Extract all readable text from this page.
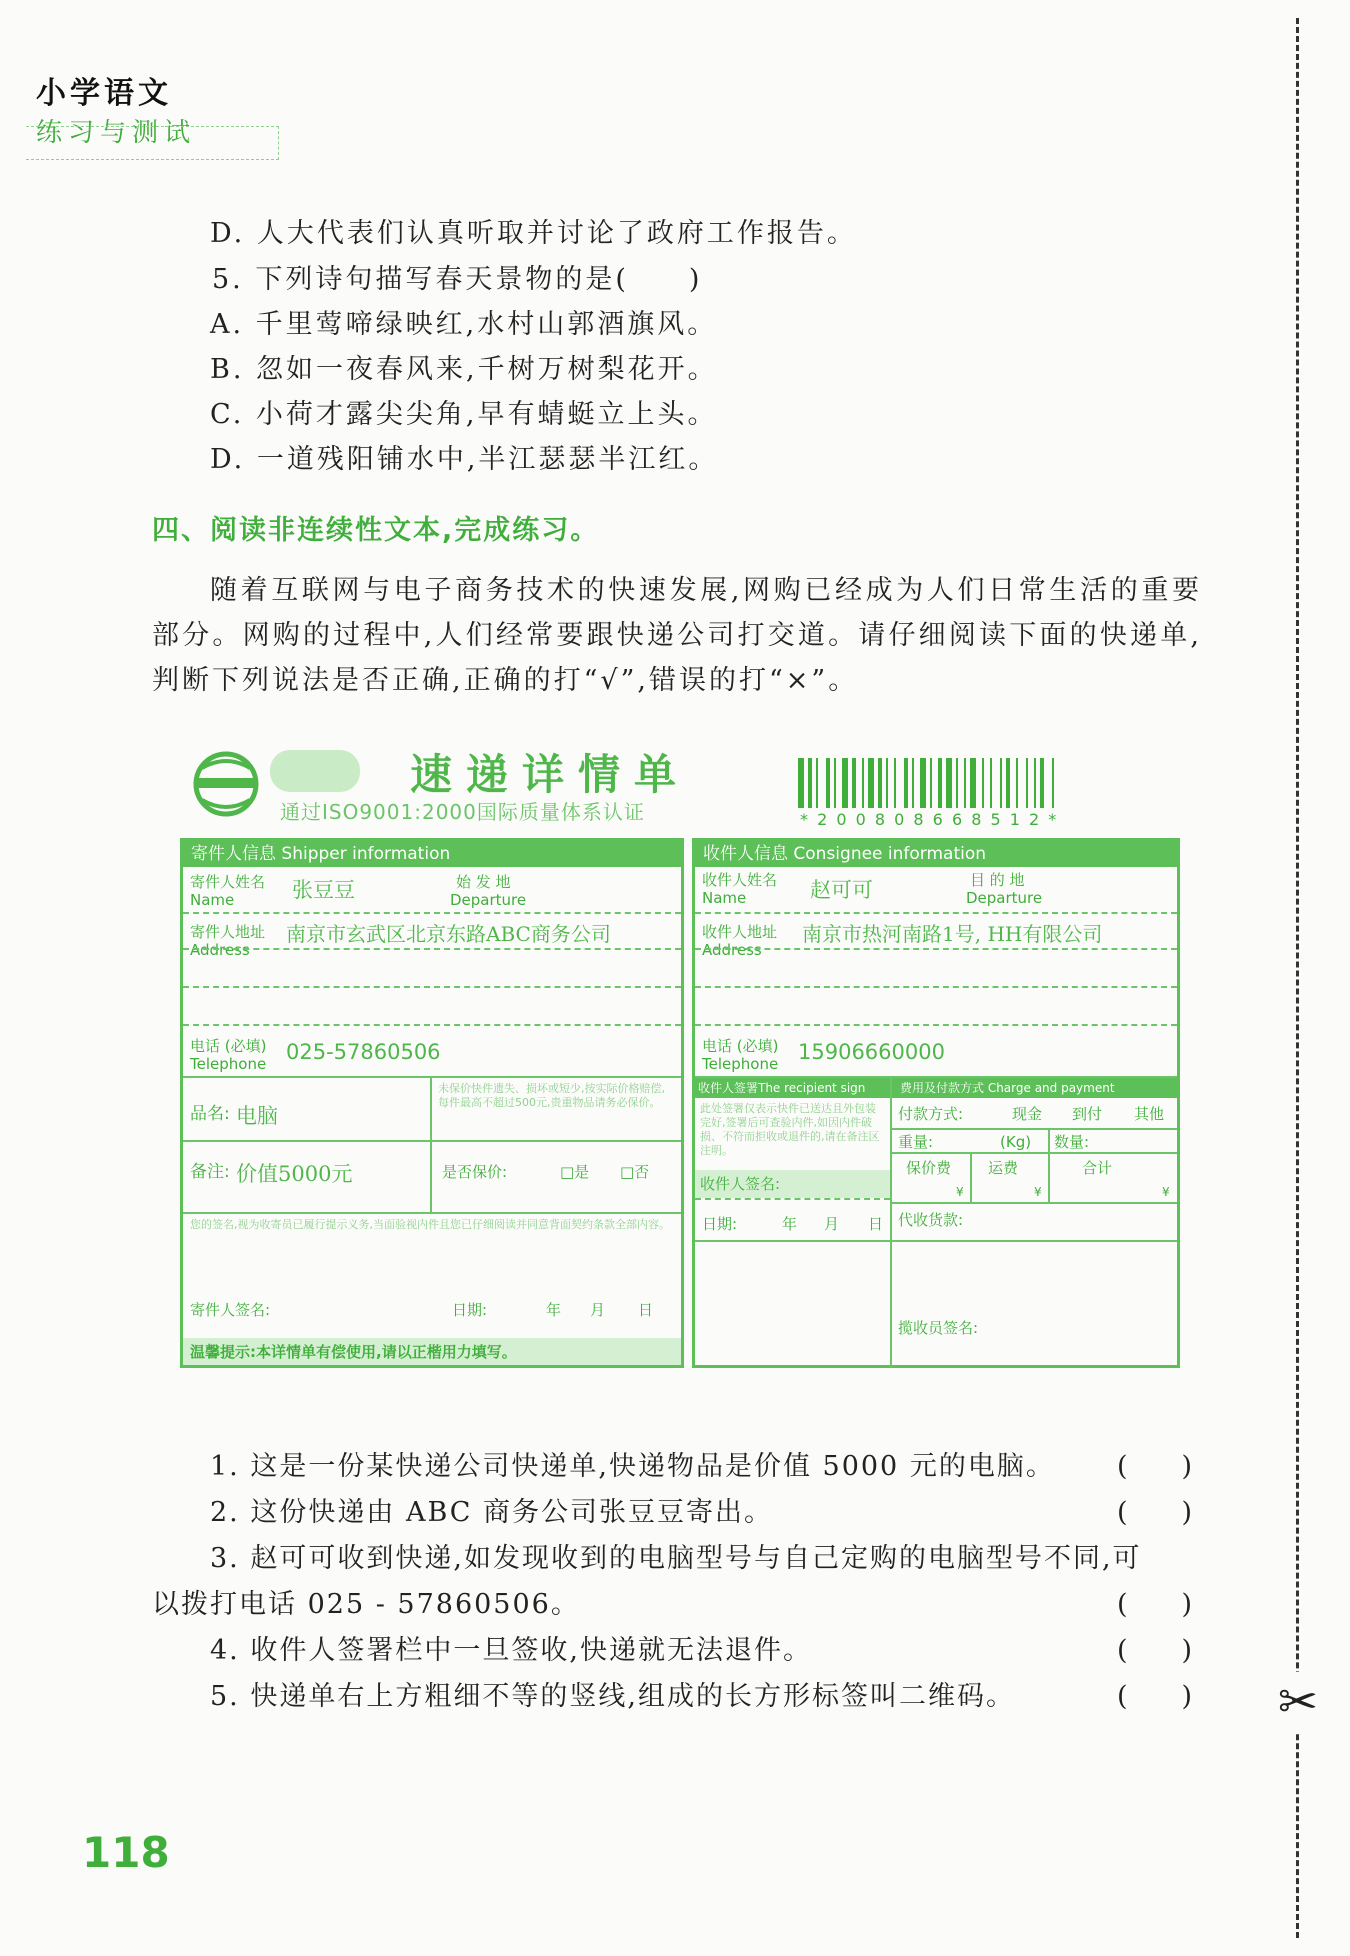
小学语文
练习与测试
✂
D. 人大代表们认真听取并讨论了政府工作报告。
5. 下列诗句描写春天景物的是(　　)
A. 千里莺啼绿映红,水村山郭酒旗风。
B. 忽如一夜春风来,千树万树梨花开。
C. 小荷才露尖尖角,早有蜻蜓立上头。
D. 一道残阳铺水中,半江瑟瑟半江红。
四、阅读非连续性文本,完成练习。
随着互联网与电子商务技术的快速发展,网购已经成为人们日常生活的重要部分。网购的过程中,人们经常要跟快递公司打交道。请仔细阅读下面的快递单,判断下列说法是否正确,正确的打“√”,错误的打“×”。
速递详情单
通过ISO9001:2000国际质量体系认证	* 2 0 0 8 0 8 6 6 8 5 1 2 *
寄件人信息 Shipper information
寄件人姓名
Name	张豆豆	始 发 地
Departure
寄件人地址
Address
南京市玄武区北京东路ABC商务公司
电话 (必填)
Telephone 025-57860506
品名: 电脑
未保价快件遗失、损坏或短少,按实际价格赔偿,每件最高不超过500元,贵重物品请务必保价。
备注: 价值5000元	是否保价:	□是 □否
您的签名,视为收寄员已履行提示义务,当面验视内件且您已仔细阅读并同意背面契约条款全部内容。
寄件人签名:	日期:	年 月 日
温馨提示:本详情单有偿使用,请以正楷用力填写。
收件人信息 Consignee information
收件人姓名
Name	赵可可	目 的 地
Departure
收件人地址
Address
南京市热河南路1号, HH有限公司
电话 (必填)
Telephone 15906660000
收件人签署The recipient sign	费用及付款方式 Charge and payment
此处签署仅表示快件已送达且外包装完好,签署后可查验内件,如因内件破损、不符而拒收或退件的,请在备注区注明。
收件人签名:
日期:	年 月 日
付款方式:	现金 到付 其他
重量:	(Kg) 数量:
保价费 运费	合计
¥	¥	¥
代收货款:
揽收员签名:
1. 这是一份某快递公司快递单,快递物品是价值 5000 元的电脑。 (　　)
2. 这份快递由 ABC 商务公司张豆豆寄出。	(　　)
3. 赵可可收到快递,如发现收到的电脑型号与自己定购的电脑型号不同,可
以拨打电话 025 - 57860506。	(　　)
4. 收件人签署栏中一旦签收,快递就无法退件。	(　　)
5. 快递单右上方粗细不等的竖线,组成的长方形标签叫二维码。	(　　)
118
